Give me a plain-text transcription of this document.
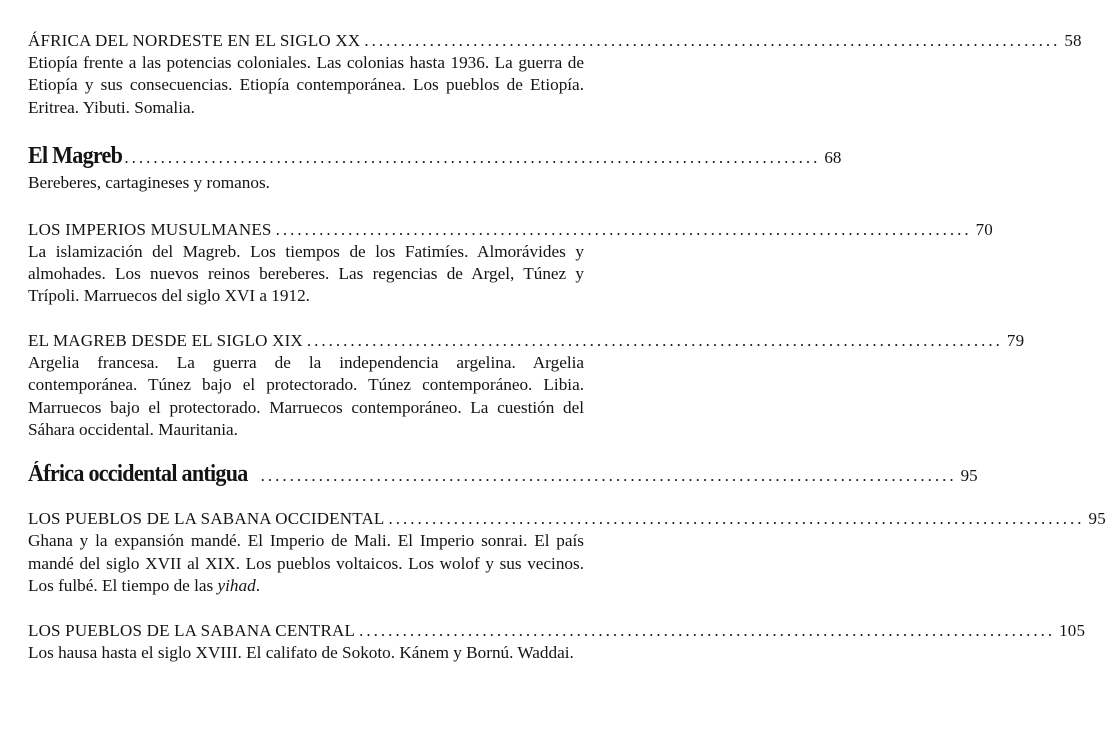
ÁFRICA DEL NORDESTE EN EL SIGLO XX ................................................................................................ 58

Etiopía frente a las potencias coloniales. Las colonias hasta 1936. La guerra de Etiopía y sus consecuencias. Etiopía contemporánea. Los pueblos de Etiopía. Eritrea. Yibuti. Somalia.

El Magreb ................................................................................................ 68

Bereberes, cartagineses y romanos.

LOS IMPERIOS MUSULMANES ................................................................................................ 70

La islamización del Magreb. Los tiempos de los Fatimíes. Almorávides y almohades. Los nuevos reinos bereberes. Las regencias de Argel, Túnez y Trípoli. Marruecos del siglo XVI a 1912.

EL MAGREB DESDE EL SIGLO XIX ................................................................................................ 79

Argelia francesa. La guerra de la independencia argelina. Argelia contemporánea. Túnez bajo el protectorado. Túnez contemporáneo. Libia. Marruecos bajo el protectorado. Marruecos contemporáneo. La cuestión del Sáhara occidental. Mauritania.

África occidental antigua ................................................................................................ 95
LOS PUEBLOS DE LA SABANA OCCIDENTAL ................................................................................................ 95

Ghana y la expansión mandé. El Imperio de Mali. El Imperio sonrai. El país mandé del siglo XVII al XIX. Los pueblos voltaicos. Los wolof y sus vecinos. Los fulbé. El tiempo de las yihad.

LOS PUEBLOS DE LA SABANA CENTRAL ................................................................................................ 105

Los hausa hasta el siglo XVIII. El califato de Sokoto. Kánem y Bornú. Waddai.
